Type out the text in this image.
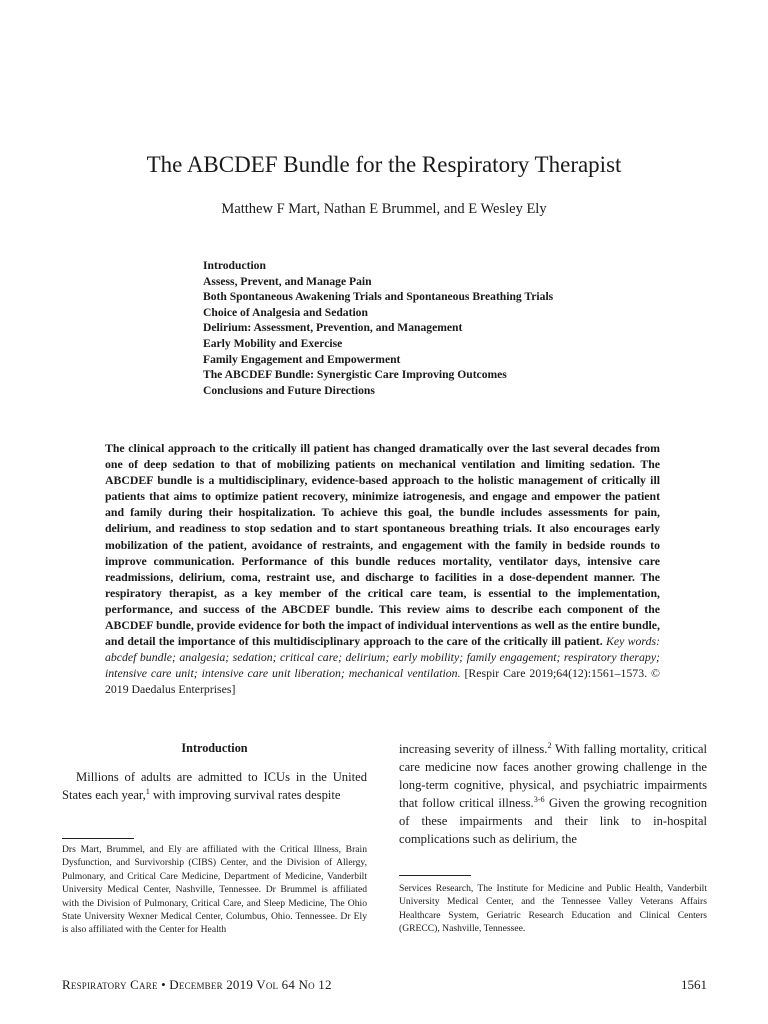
The ABCDEF Bundle for the Respiratory Therapist
Matthew F Mart, Nathan E Brummel, and E Wesley Ely
Introduction
Assess, Prevent, and Manage Pain
Both Spontaneous Awakening Trials and Spontaneous Breathing Trials
Choice of Analgesia and Sedation
Delirium: Assessment, Prevention, and Management
Early Mobility and Exercise
Family Engagement and Empowerment
The ABCDEF Bundle: Synergistic Care Improving Outcomes
Conclusions and Future Directions

The clinical approach to the critically ill patient has changed dramatically over the last several decades from one of deep sedation to that of mobilizing patients on mechanical ventilation and limiting sedation. The ABCDEF bundle is a multidisciplinary, evidence-based approach to the holistic management of critically ill patients that aims to optimize patient recovery, minimize iatrogenesis, and engage and empower the patient and family during their hospitalization. To achieve this goal, the bundle includes assessments for pain, delirium, and readiness to stop sedation and to start spontaneous breathing trials. It also encourages early mobilization of the patient, avoidance of restraints, and engagement with the family in bedside rounds to improve communication. Performance of this bundle reduces mortality, ventilator days, intensive care readmissions, delirium, coma, restraint use, and discharge to facilities in a dose-dependent manner. The respiratory therapist, as a key member of the critical care team, is essential to the implementation, performance, and success of the ABCDEF bundle. This review aims to describe each component of the ABCDEF bundle, provide evidence for both the impact of individual interventions as well as the entire bundle, and detail the importance of this multidisciplinary approach to the care of the critically ill patient. Key words: abcdef bundle; analgesia; sedation; critical care; delirium; early mobility; family engagement; respiratory therapy; intensive care unit; intensive care unit liberation; mechanical ventilation. [Respir Care 2019;64(12):1561–1573. © 2019 Daedalus Enterprises]

Introduction

Millions of adults are admitted to ICUs in the United States each year,$^1$ with improving survival rates despite

increasing severity of illness.$^2$ With falling mortality, critical care medicine now faces another growing challenge in the long-term cognitive, physical, and psychiatric impairments that follow critical illness.$^{3-6}$ Given the growing recognition of these impairments and their link to in-hospital complications such as delirium, the

Drs Mart, Brummel, and Ely are affiliated with the Critical Illness, Brain Dysfunction, and Survivorship (CIBS) Center, and the Division of Allergy, Pulmonary, and Critical Care Medicine, Department of Medicine, Vanderbilt University Medical Center, Nashville, Tennessee. Dr Brummel is affiliated with the Division of Pulmonary, Critical Care, and Sleep Medicine, The Ohio State University Wexner Medical Center, Columbus, Ohio. Tennessee. Dr Ely is also affiliated with the Center for Health

Services Research, The Institute for Medicine and Public Health, Vanderbilt University Medical Center, and the Tennessee Valley Veterans Affairs Healthcare System, Geriatric Research Education and Clinical Centers (GRECC), Nashville, Tennessee.

Respiratory Care • December 2019 Vol 64 No 12	1561
